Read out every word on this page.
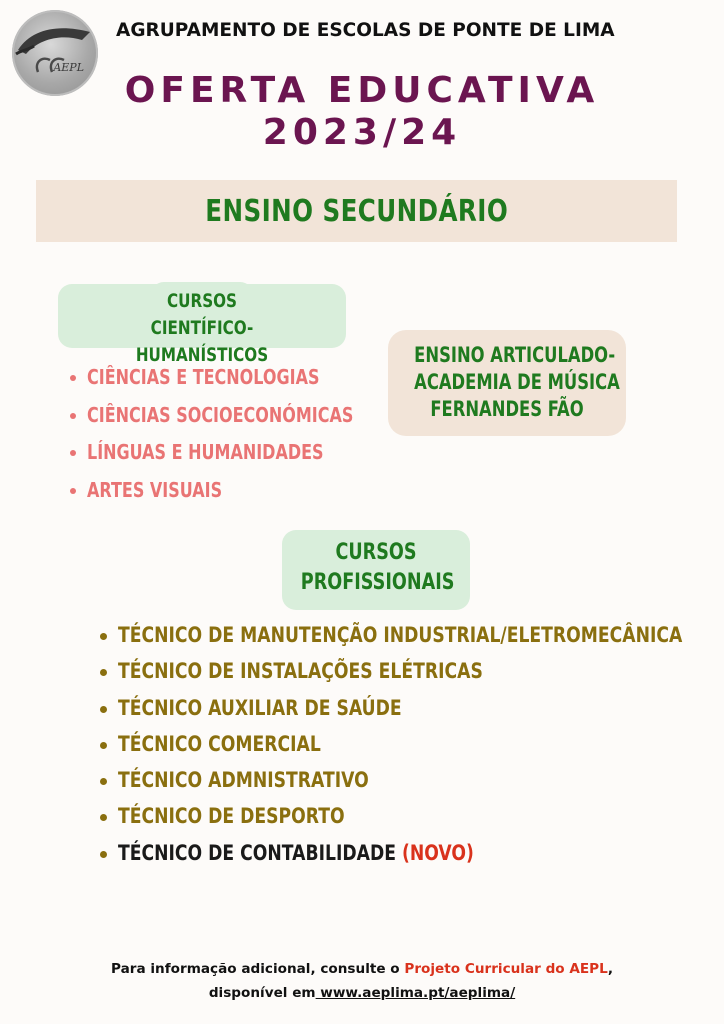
AEPL
AGRUPAMENTO DE ESCOLAS DE PONTE DE LIMA
OFERTA EDUCATIVA
2023/24
ENSINO SECUNDÁRIO
CURSOS
CIENTÍFICO-HUMANÍSTICOS
CIÊNCIAS E TECNOLOGIAS
CIÊNCIAS SOCIOECONÓMICAS
LÍNGUAS E HUMANIDADES
ARTES VISUAIS
ENSINO ARTICULADO-
ACADEMIA DE MÚSICA
FERNANDES FÃO
CURSOS
PROFISSIONAIS
TÉCNICO DE MANUTENÇÃO INDUSTRIAL/ELETROMECÂNICA
TÉCNICO DE INSTALAÇÕES ELÉTRICAS
TÉCNICO AUXILIAR DE SAÚDE
TÉCNICO COMERCIAL
TÉCNICO ADMNISTRATIVO
TÉCNICO DE DESPORTO
TÉCNICO DE CONTABILIDADE (NOVO)
Para informação adicional, consulte o Projeto Curricular do AEPL,
disponível em www.aeplima.pt/aeplima/
